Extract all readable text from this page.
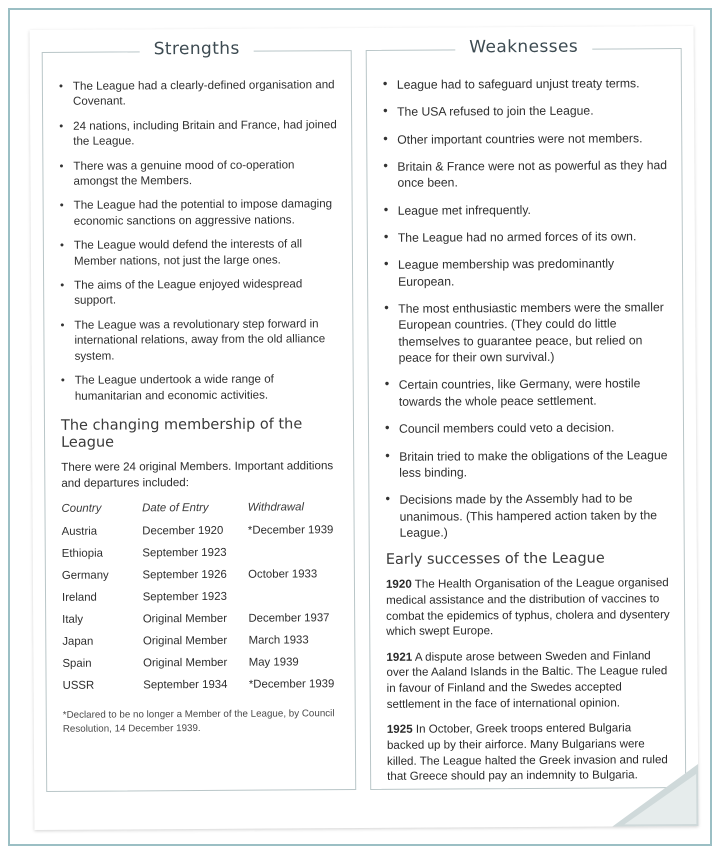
Strengths
● The League had a clearly-defined organisation and Covenant.
● 24 nations, including Britain and France, had joined the League.
● There was a genuine mood of co-operation amongst the Members.
● The League had the potential to impose damaging economic sanctions on aggressive nations.
● The League would defend the interests of all Member nations, not just the large ones.
● The aims of the League enjoyed widespread support.
● The League was a revolutionary step forward in international relations, away from the old alliance system.
● The League undertook a wide range of humanitarian and economic activities.
The changing membership of the League

There were 24 original Members. Important additions and departures included:

Country	Date of Entry	Withdrawal
Austria	December 1920	*December 1939
Ethiopia	September 1923	
Germany	September 1926	October 1933
Ireland	September 1923	
Italy	Original Member	December 1937
Japan	Original Member	March 1933
Spain	Original Member	May 1939
USSR	September 1934	*December 1939
*Declared to be no longer a Member of the League, by Council Resolution, 14 December 1939.
Weaknesses
• League had to safeguard unjust treaty terms.
• The USA refused to join the League.
• Other important countries were not members.
• Britain & France were not as powerful as they had once been.
• League met infrequently.
• The League had no armed forces of its own.
• League membership was predominantly European.
• The most enthusiastic members were the smaller European countries. (They could do little themselves to guarantee peace, but relied on peace for their own survival.)
• Certain countries, like Germany, were hostile towards the whole peace settlement.
• Council members could veto a decision.
• Britain tried to make the obligations of the League less binding.
• Decisions made by the Assembly had to be unanimous. (This hampered action taken by the League.)
Early successes of the League

1920 The Health Organisation of the League organised medical assistance and the distribution of vaccines to combat the epidemics of typhus, cholera and dysentery which swept Europe.

1921 A dispute arose between Sweden and Finland over the Aaland Islands in the Baltic. The League ruled in favour of Finland and the Swedes accepted settlement in the face of international opinion.

1925 In October, Greek troops entered Bulgaria backed up by their airforce. Many Bulgarians were killed. The League halted the Greek invasion and ruled that Greece should pay an indemnity to Bulgaria.
